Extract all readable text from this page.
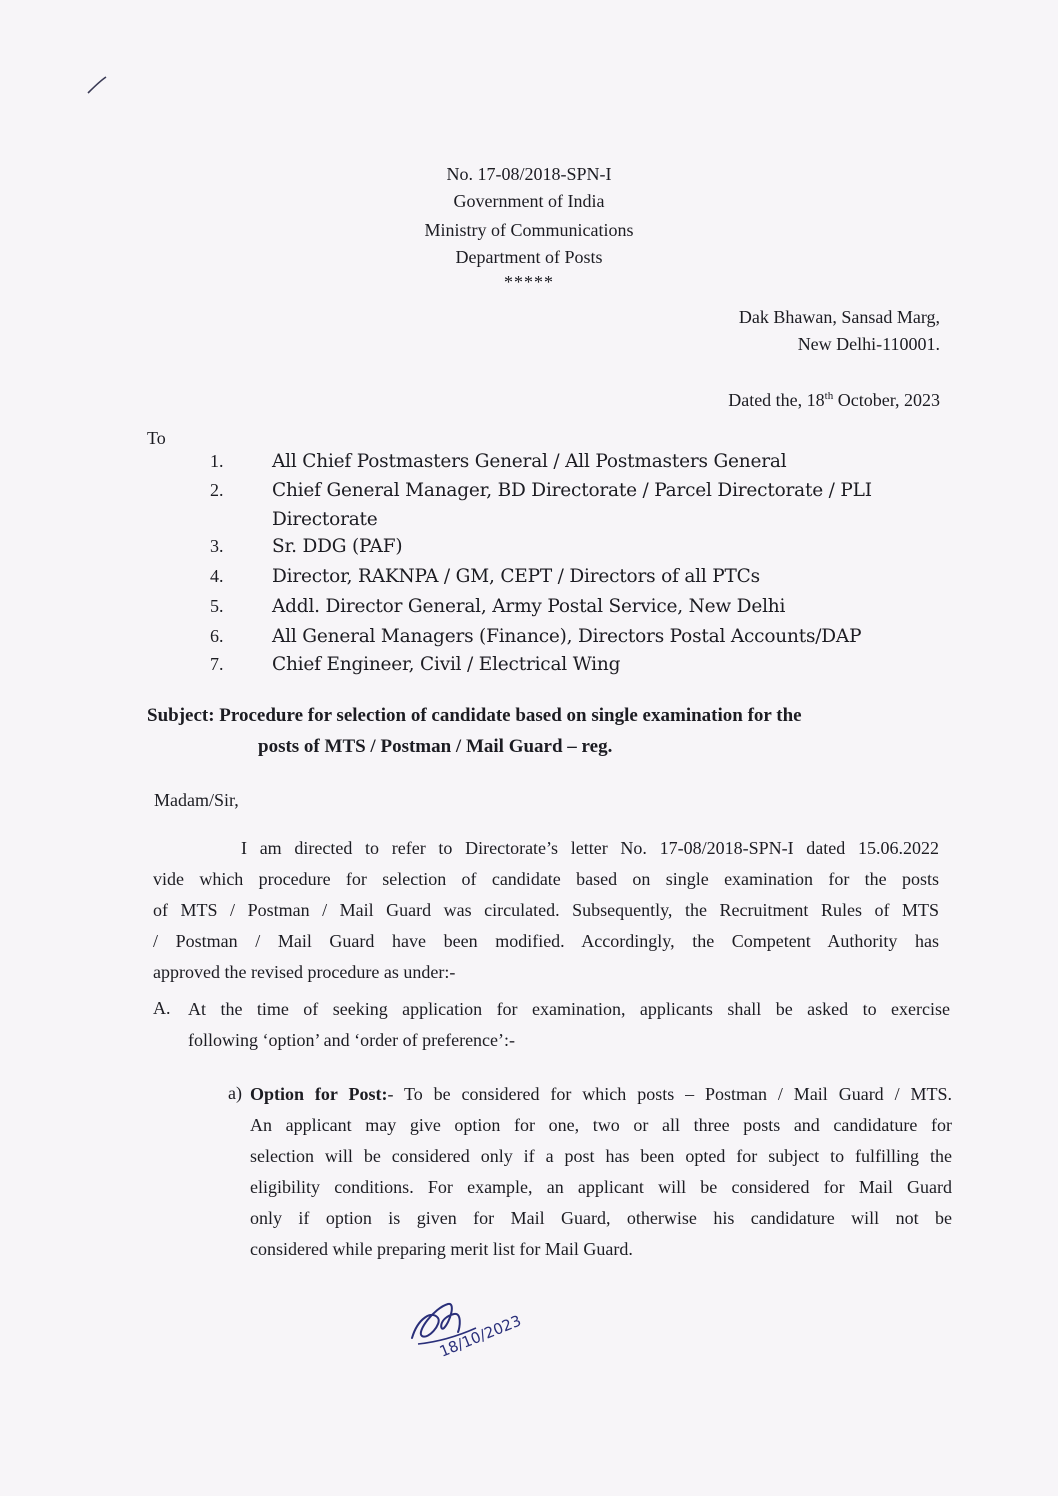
No. 17-08/2018-SPN-I
Government of India
Ministry of Communications
Department of Posts
*****
Dak Bhawan, Sansad Marg,
New Delhi-110001.
Dated the, 18th October, 2023
To
1.	All Chief Postmasters General / All Postmasters General
2.	Chief General Manager, BD Directorate / Parcel Directorate / PLI
Directorate
3.	Sr. DDG (PAF)
4.	Director, RAKNPA / GM, CEPT / Directors of all PTCs
5.	Addl. Director General, Army Postal Service, New Delhi
6.	All General Managers (Finance), Directors Postal Accounts/DAP
7.	Chief Engineer, Civil / Electrical Wing
Subject: Procedure for selection of candidate based on single examination for the
posts of MTS / Postman / Mail Guard – reg.
Madam/Sir,
I am directed to refer to Directorate’s letter No. 17-08/2018-SPN-I dated 15.06.2022
vide which procedure for selection of candidate based on single examination for the posts
of MTS / Postman / Mail Guard was circulated. Subsequently, the Recruitment Rules of MTS
/ Postman / Mail Guard have been modified. Accordingly, the Competent Authority has
approved the revised procedure as under:-
A. At the time of seeking application for examination, applicants shall be asked to exercise
following ‘option’ and ‘order of preference’:-
a) Option for Post:- To be considered for which posts – Postman / Mail Guard / MTS.
An applicant may give option for one, two or all three posts and candidature for
selection will be considered only if a post has been opted for subject to fulfilling the
eligibility conditions. For example, an applicant will be considered for Mail Guard
only if option is given for Mail Guard, otherwise his candidature will not be
considered while preparing merit list for Mail Guard.
18/10/2023
